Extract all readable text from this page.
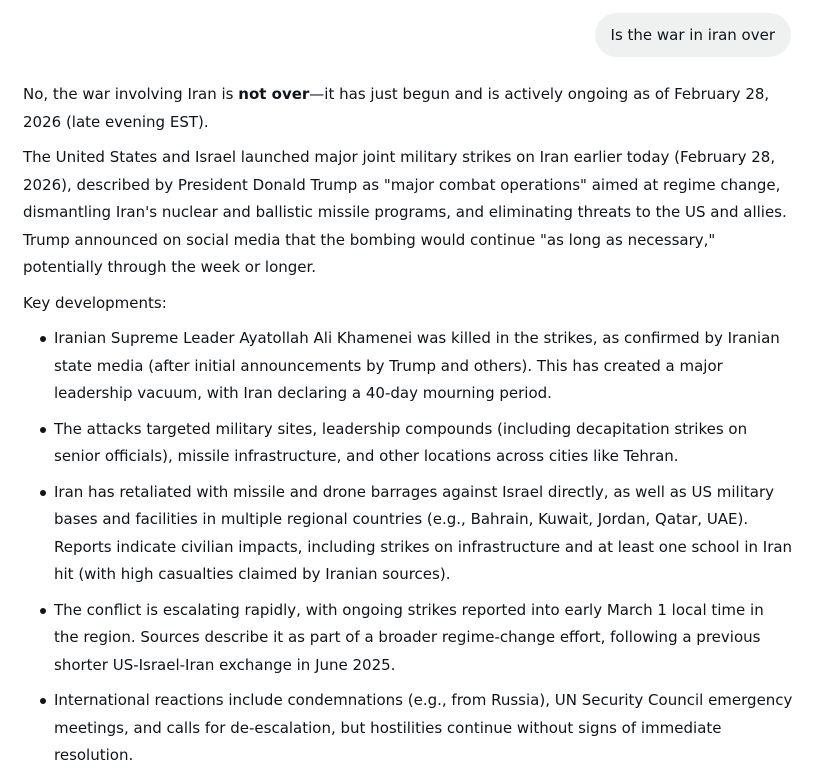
Is the war in iran over

No, the war involving Iran is not over—it has just begun and is actively ongoing as of February 28, 2026 (late evening EST).

The United States and Israel launched major joint military strikes on Iran earlier today (February 28, 2026), described by President Donald Trump as "major combat operations" aimed at regime change, dismantling Iran's nuclear and ballistic missile programs, and eliminating threats to the US and allies. Trump announced on social media that the bombing would continue "as long as necessary," potentially through the week or longer.

Key developments:

Iranian Supreme Leader Ayatollah Ali Khamenei was killed in the strikes, as confirmed by Iranian state media (after initial announcements by Trump and others). This has created a major leadership vacuum, with Iran declaring a 40-day mourning period.
The attacks targeted military sites, leadership compounds (including decapitation strikes on senior officials), missile infrastructure, and other locations across cities like Tehran.
Iran has retaliated with missile and drone barrages against Israel directly, as well as US military bases and facilities in multiple regional countries (e.g., Bahrain, Kuwait, Jordan, Qatar, UAE). Reports indicate civilian impacts, including strikes on infrastructure and at least one school in Iran hit (with high casualties claimed by Iranian sources).
The conflict is escalating rapidly, with ongoing strikes reported into early March 1 local time in the region. Sources describe it as part of a broader regime-change effort, following a previous shorter US-Israel-Iran exchange in June 2025.
International reactions include condemnations (e.g., from Russia), UN Security Council emergency meetings, and calls for de-escalation, but hostilities continue without signs of immediate resolution.
